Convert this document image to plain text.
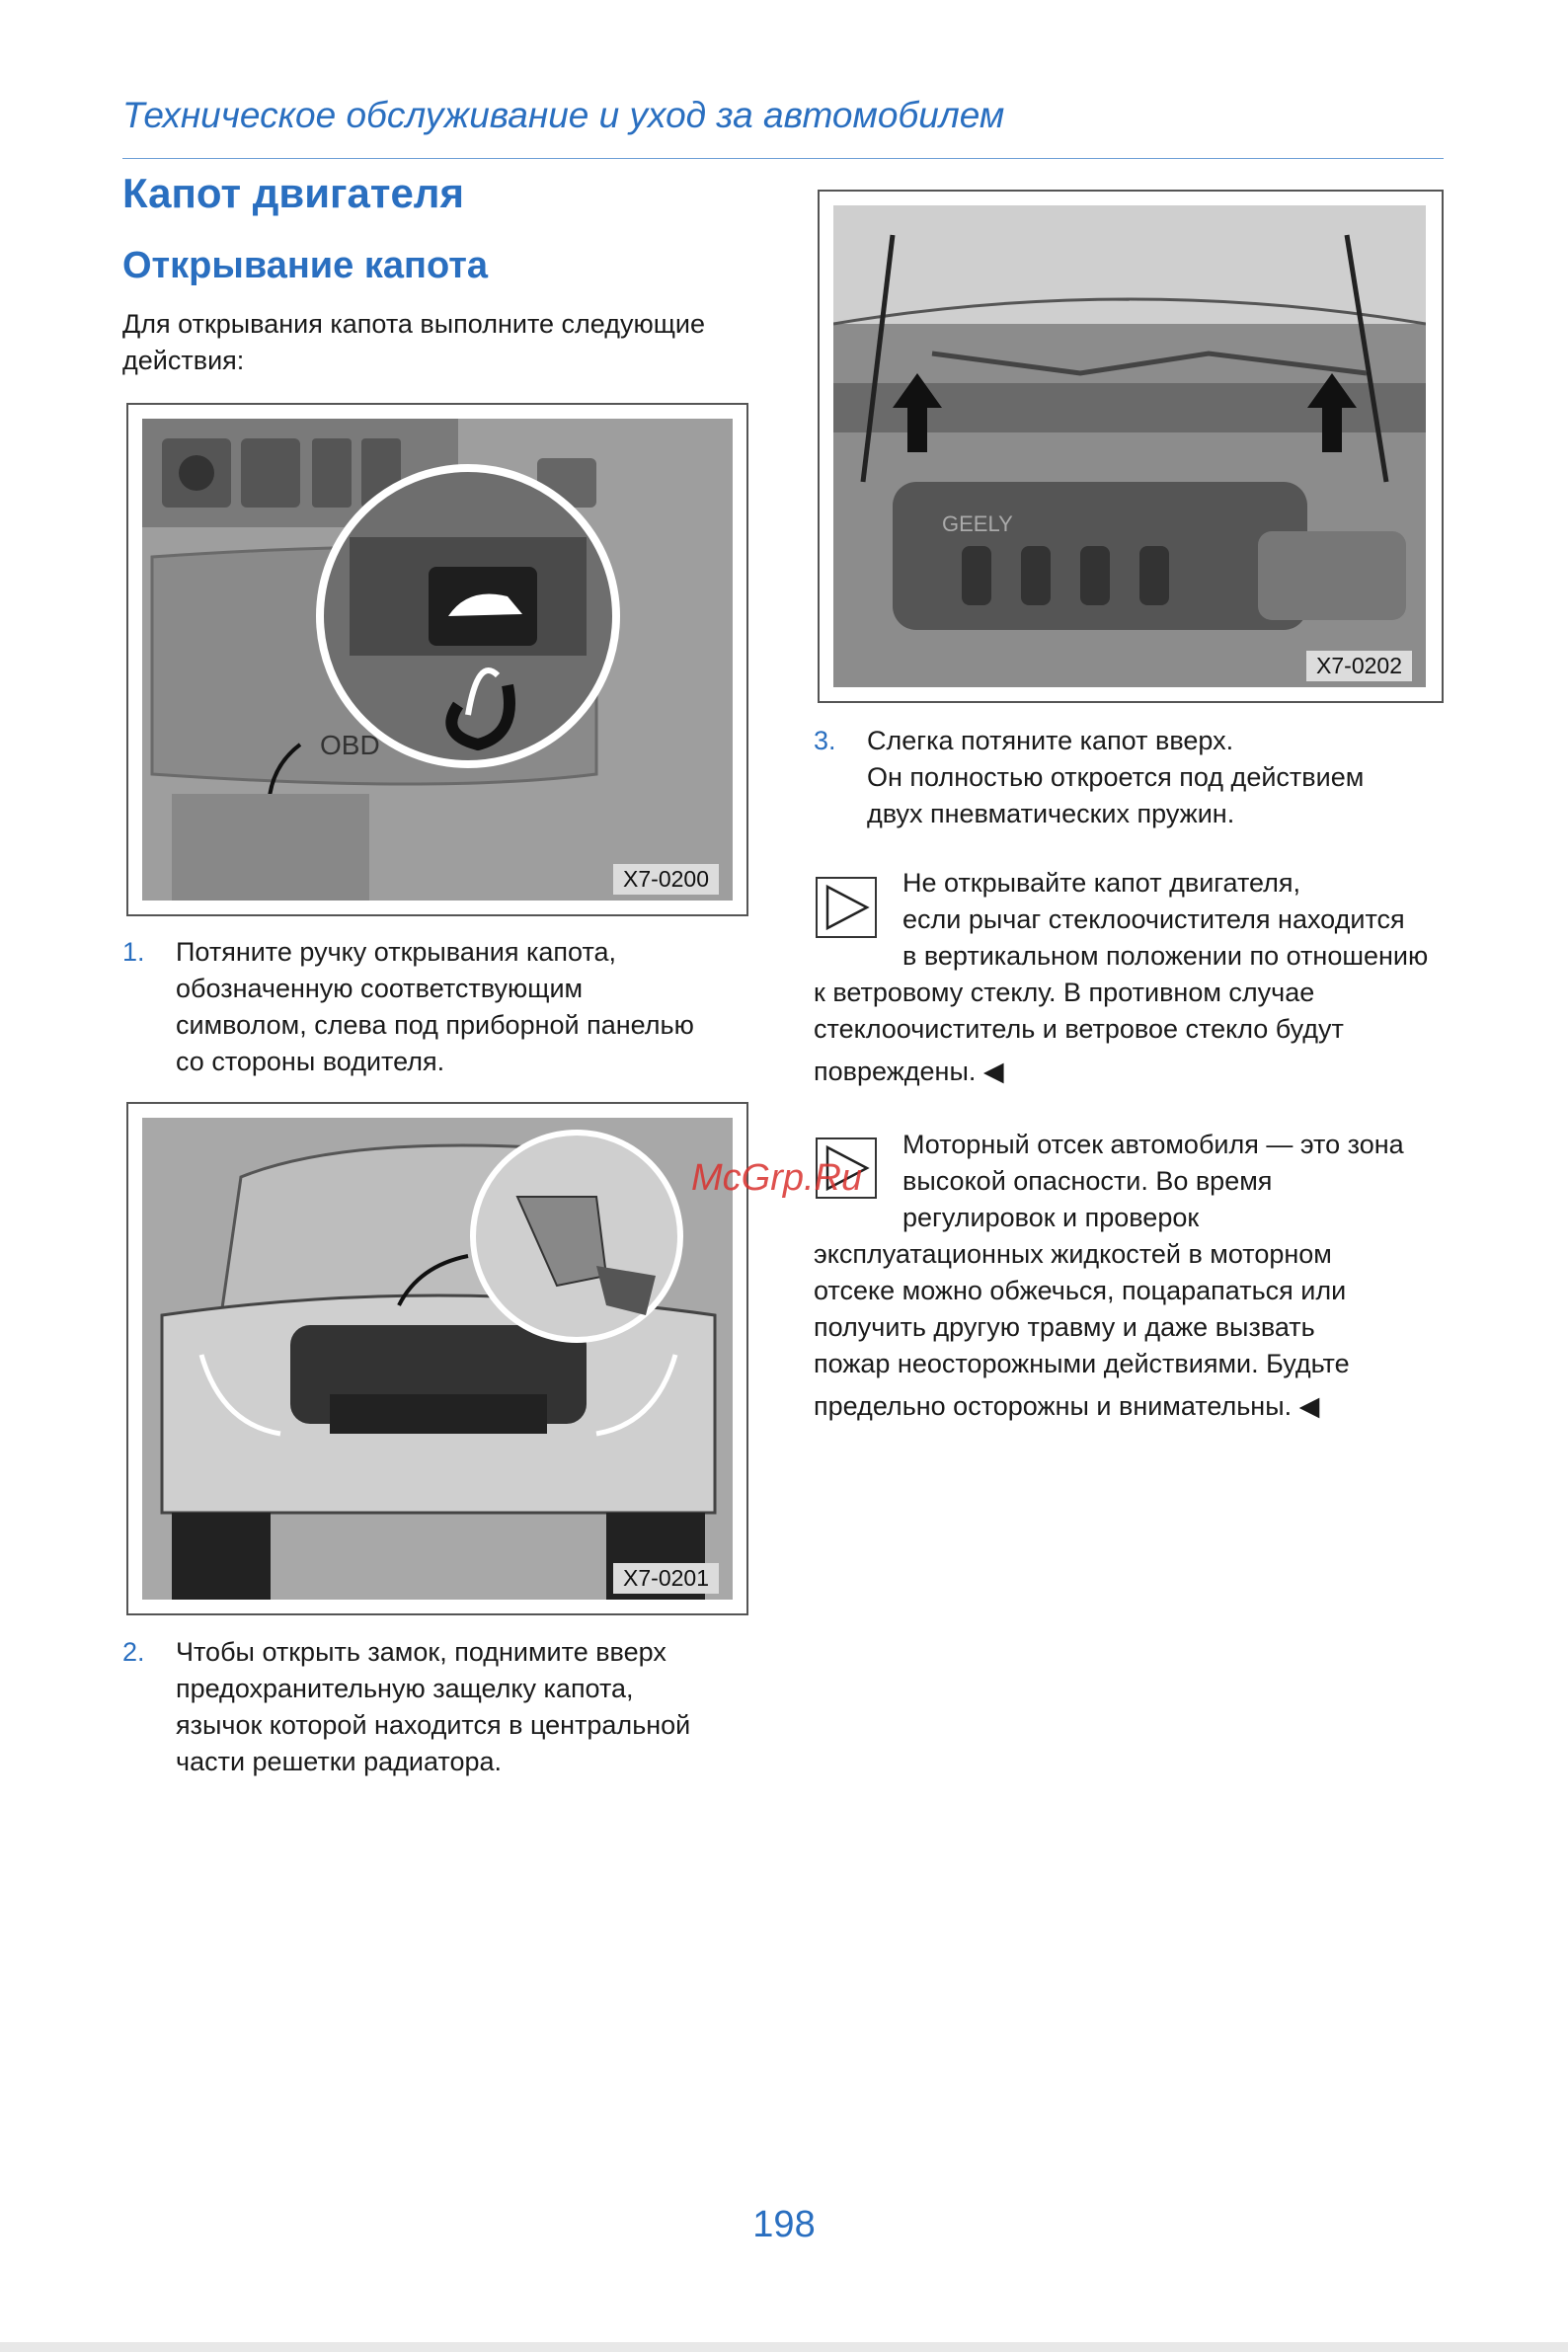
Техническое обслуживание и уход за автомобилем
Капот двигателя
Открывание капота
Для открывания капота выполните следующие действия:
OBD
X7-0200
1. Потяните ручку открывания капота,
обозначенную соответствующим
символом, слева под приборной панелью
со стороны водителя.
X7-0201
2. Чтобы открыть замок, поднимите вверх
предохранительную защелку капота,
язычок которой находится в центральной
части решетки радиатора.
GEELY
X7-0202
3. Слегка потяните капот вверх.
Он полностью откроется под действием
двух пневматических пружин.
Не открывайте капот двигателя,
если рычаг стеклоочистителя находится
в вертикальном положении по отношению
к ветровому стеклу. В противном случае
стеклоочиститель и ветровое стекло будут
повреждены. ◀
Моторный отсек автомобиля — это зона
высокой опасности. Во время
регулировок и проверок
эксплуатационных жидкостей в моторном
отсеке можно обжечься, поцарапаться или
получить другую травму и даже вызвать
пожар неосторожными действиями. Будьте
предельно осторожны и внимательны. ◀
McGrp.Ru
198
